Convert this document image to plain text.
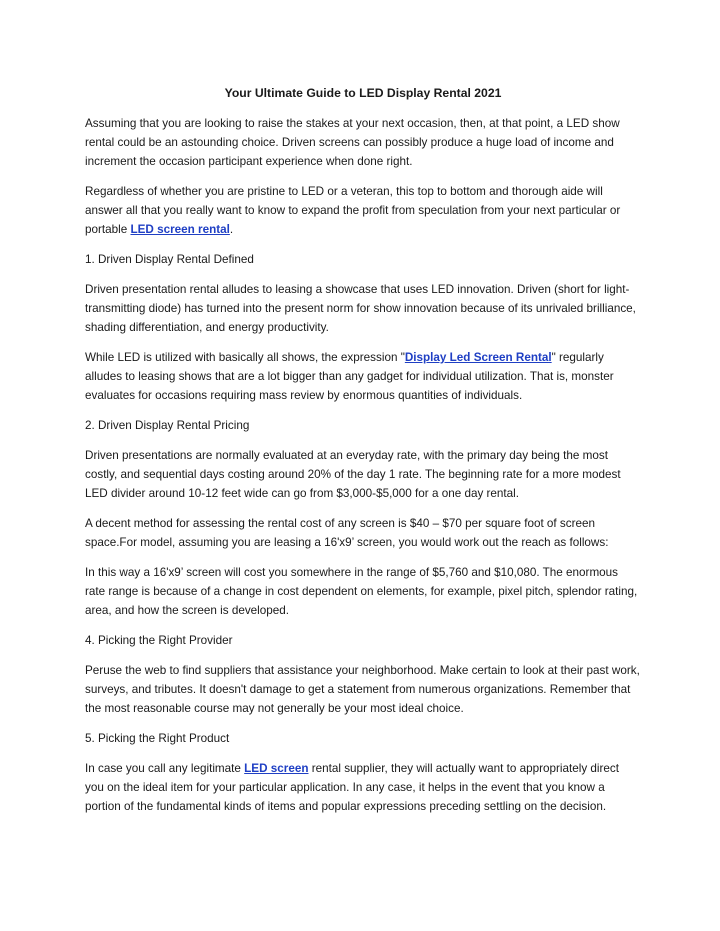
Your Ultimate Guide to LED Display Rental 2021

Assuming that you are looking to raise the stakes at your next occasion, then, at that point, a LED show rental could be an astounding choice. Driven screens can possibly produce a huge load of income and increment the occasion participant experience when done right.

Regardless of whether you are pristine to LED or a veteran, this top to bottom and thorough aide will answer all that you really want to know to expand the profit from speculation from your next particular or portable LED screen rental.

1. Driven Display Rental Defined

Driven presentation rental alludes to leasing a showcase that uses LED innovation. Driven (short for light-transmitting diode) has turned into the present norm for show innovation because of its unrivaled brilliance, shading differentiation, and energy productivity.

While LED is utilized with basically all shows, the expression "Display Led Screen Rental" regularly alludes to leasing shows that are a lot bigger than any gadget for individual utilization. That is, monster evaluates for occasions requiring mass review by enormous quantities of individuals.

2. Driven Display Rental Pricing

Driven presentations are normally evaluated at an everyday rate, with the primary day being the most costly, and sequential days costing around 20% of the day 1 rate. The beginning rate for a more modest LED divider around 10-12 feet wide can go from $3,000-$5,000 for a one day rental.

A decent method for assessing the rental cost of any screen is $40 – $70 per square foot of screen space.For model, assuming you are leasing a 16'x9’ screen, you would work out the reach as follows:

In this way a 16'x9’ screen will cost you somewhere in the range of $5,760 and $10,080. The enormous rate range is because of a change in cost dependent on elements, for example, pixel pitch, splendor rating, area, and how the screen is developed.

4. Picking the Right Provider

Peruse the web to find suppliers that assistance your neighborhood. Make certain to look at their past work, surveys, and tributes. It doesn't damage to get a statement from numerous organizations. Remember that the most reasonable course may not generally be your most ideal choice.

5. Picking the Right Product

In case you call any legitimate LED screen rental supplier, they will actually want to appropriately direct you on the ideal item for your particular application. In any case, it helps in the event that you know a portion of the fundamental kinds of items and popular expressions preceding settling on the decision.
